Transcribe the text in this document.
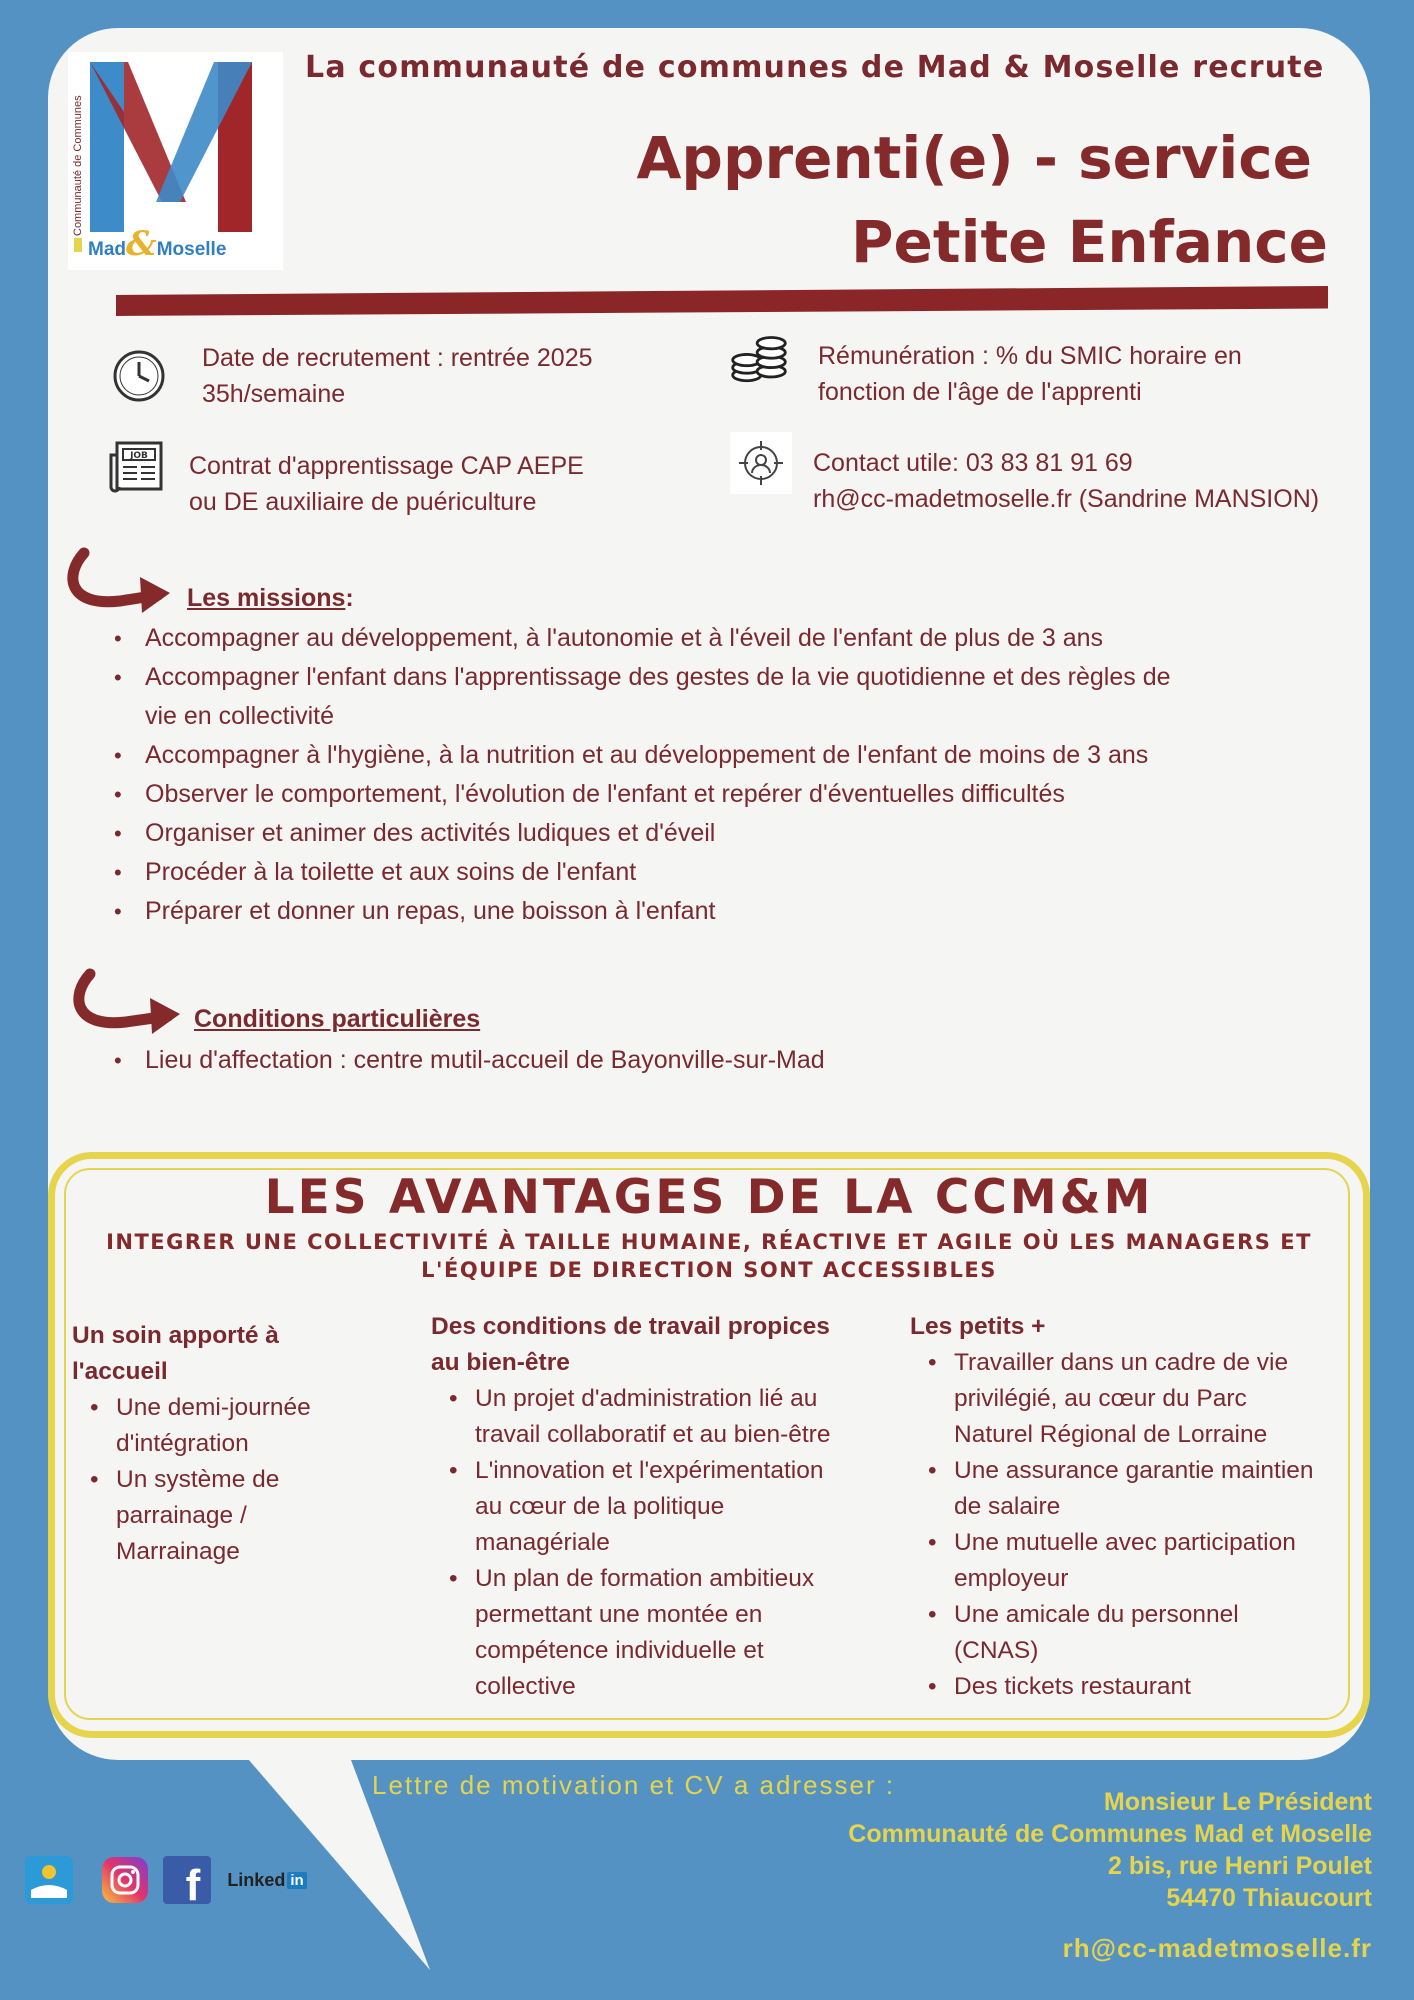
Communauté de Communes
Mad&Moselle
La communauté de communes de Mad & Moselle recrute
Apprenti(e) - service
Petite Enfance
Date de recrutement : rentrée 2025
35h/semaine
Rémunération : % du SMIC horaire en
fonction de l'âge de l'apprenti
JOB Contrat d'apprentissage CAP AEPE
ou DE auxiliaire de puériculture
Contact utile: 03 83 81 91 69
rh@cc-madetmoselle.fr (Sandrine MANSION)
Les missions:
• Accompagner au développement, à l'autonomie et à l'éveil de l'enfant de plus de 3 ans
• Accompagner l'enfant dans l'apprentissage des gestes de la vie quotidienne et des règles de
vie en collectivité
• Accompagner à l'hygiène, à la nutrition et au développement de l'enfant de moins de 3 ans
• Observer le comportement, l'évolution de l'enfant et repérer d'éventuelles difficultés
• Organiser et animer des activités ludiques et d'éveil
• Procéder à la toilette et aux soins de l'enfant
• Préparer et donner un repas, une boisson à l'enfant
Conditions particulières
• Lieu d'affectation : centre mutil-accueil de Bayonville-sur-Mad
LES AVANTAGES DE LA CCM&M
INTEGRER UNE COLLECTIVITÉ À TAILLE HUMAINE, RÉACTIVE ET AGILE OÙ LES MANAGERS ET
L'ÉQUIPE DE DIRECTION SONT ACCESSIBLES
Un soin apporté à
l'accueil
• Une demi-journée
d'intégration
• Un système de
parrainage /
Marrainage
Des conditions de travail propices
au bien-être
• Un projet d'administration lié au
travail collaboratif et au bien-être
• L'innovation et l'expérimentation
au cœur de la politique
managériale
• Un plan de formation ambitieux
permettant une montée en
compétence individuelle et
collective
Les petits +
• Travailler dans un cadre de vie
privilégié, au cœur du Parc
Naturel Régional de Lorraine
• Une assurance garantie maintien
de salaire
• Une mutuelle avec participation
employeur
• Une amicale du personnel
(CNAS)
• Des tickets restaurant
Lettre de motivation et CV a adresser :
Monsieur Le Président
Communauté de Communes Mad et Moselle
2 bis, rue Henri Poulet
54470 Thiaucourt
rh@cc-madetmoselle.fr
f Linked in
